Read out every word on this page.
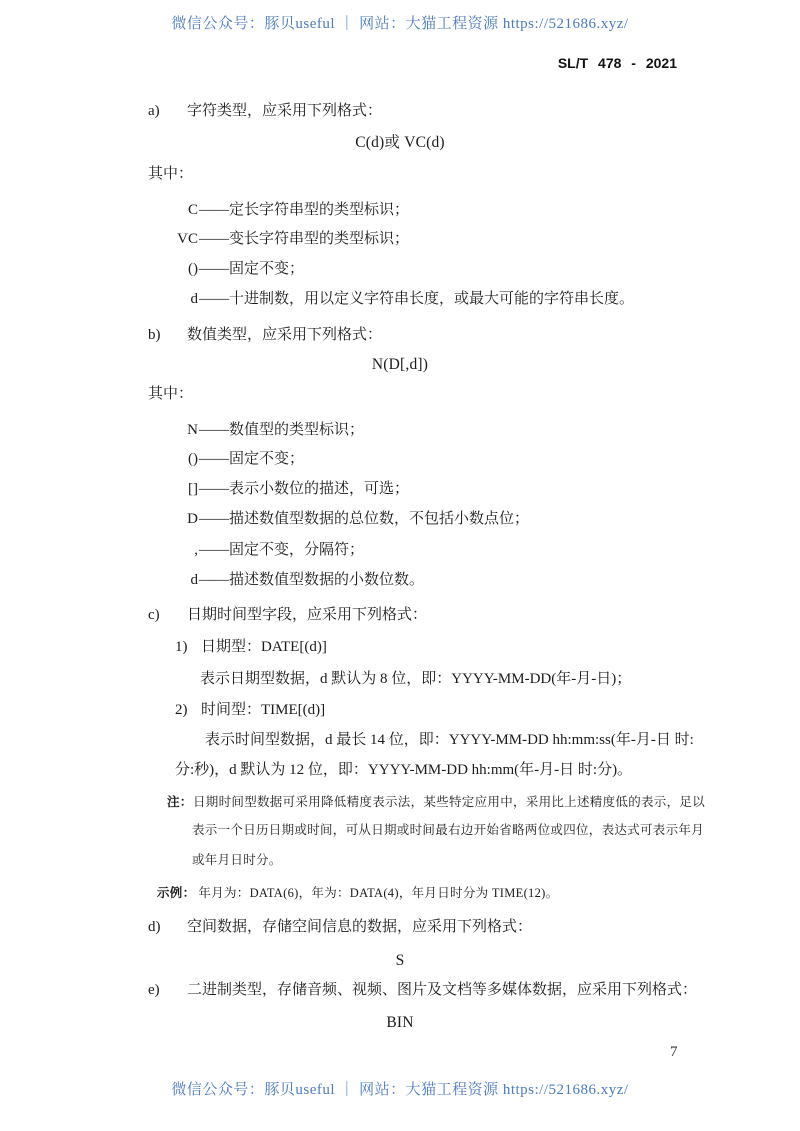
微信公众号：豚贝useful ｜ 网站：大猫工程资源 https://521686.xyz/
SL/T 478 - 2021
a) 字符类型，应采用下列格式：
C(d)或 VC(d)
其中：
C ——定长字符串型的类型标识；
VC ——变长字符串型的类型标识；
() ——固定不变；
d ——十进制数，用以定义字符串长度，或最大可能的字符串长度。
b) 数值类型，应采用下列格式：
N(D[,d])
其中：
N ——数值型的类型标识；
() ——固定不变；
[] ——表示小数位的描述，可选；
D ——描述数值型数据的总位数，不包括小数点位；
, ——固定不变，分隔符；
d ——描述数值型数据的小数位数。
c) 日期时间型字段，应采用下列格式：
1) 日期型：DATE[(d)]
表示日期型数据，d 默认为 8 位，即：YYYY-MM-DD(年-月-日)；
2) 时间型：TIME[(d)]
表示时间型数据，d 最长 14 位，即：YYYY-MM-DD hh:mm:ss(年-月-日 时:
分:秒)，d 默认为 12 位，即：YYYY-MM-DD hh:mm(年-月-日 时:分)。
注：日期时间型数据可采用降低精度表示法，某些特定应用中，采用比上述精度低的表示，足以
表示一个日历日期或时间，可从日期或时间最右边开始省略两位或四位，表达式可表示年月
或年月日时分。
示例： 年月为：DATA(6)，年为：DATA(4)，年月日时分为 TIME(12)。
d) 空间数据，存储空间信息的数据，应采用下列格式：
S
e) 二进制类型，存储音频、视频、图片及文档等多媒体数据，应采用下列格式：
BIN
7
微信公众号：豚贝useful ｜ 网站：大猫工程资源 https://521686.xyz/
